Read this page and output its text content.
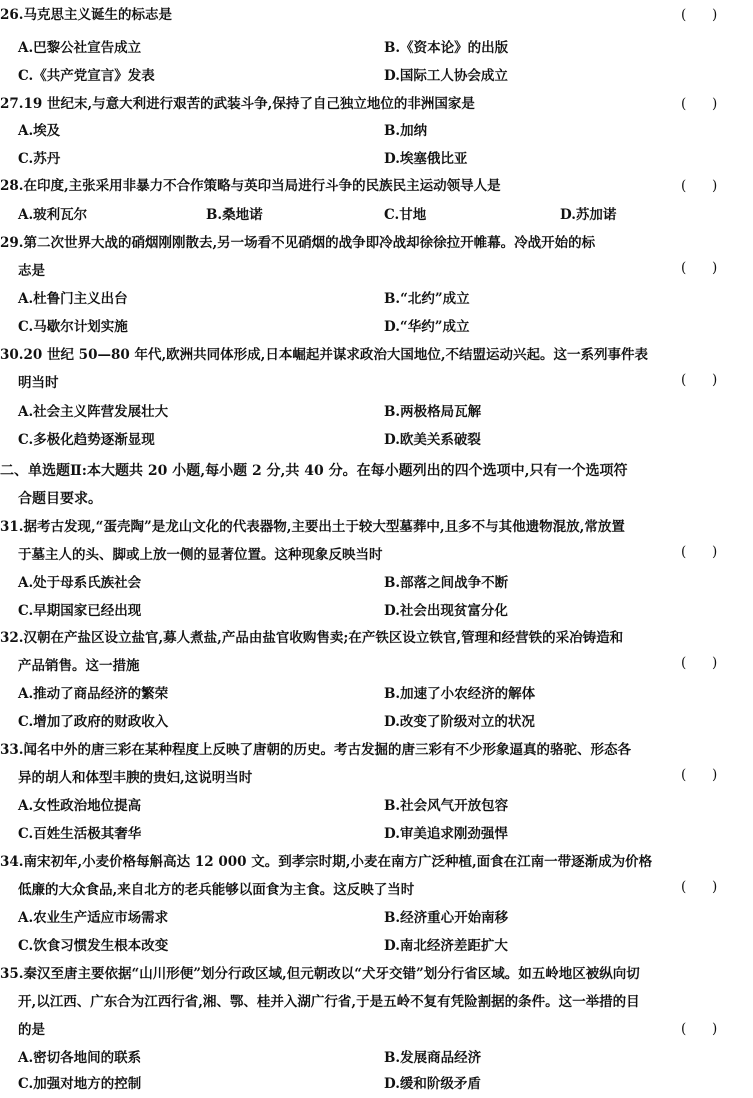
26.马克思主义诞生的标志是	(      )
A.巴黎公社宣告成立	B.《资本论》的出版
C.《共产党宣言》发表	D.国际工人协会成立
27.19 世纪末,与意大利进行艰苦的武装斗争,保持了自己独立地位的非洲国家是	(      )
A.埃及	B.加纳
C.苏丹	D.埃塞俄比亚
28.在印度,主张采用非暴力不合作策略与英印当局进行斗争的民族民主运动领导人是	(      )
A.玻利瓦尔	B.桑地诺	C.甘地	D.苏加诺
29.第二次世界大战的硝烟刚刚散去,另一场看不见硝烟的战争即冷战却徐徐拉开帷幕。冷战开始的标
志是	(      )
A.杜鲁门主义出台	B.“北约”成立
C.马歇尔计划实施	D.“华约”成立
30.20 世纪 50—80 年代,欧洲共同体形成,日本崛起并谋求政治大国地位,不结盟运动兴起。这一系列事件表
明当时	(      )
A.社会主义阵营发展壮大	B.两极格局瓦解
C.多极化趋势逐渐显现	D.欧美关系破裂
二、单选题Ⅱ:本大题共 20 小题,每小题 2 分,共 40 分。在每小题列出的四个选项中,只有一个选项符
合题目要求。
31.据考古发现,“蛋壳陶”是龙山文化的代表器物,主要出土于较大型墓葬中,且多不与其他遗物混放,常放置
于墓主人的头、脚或上放一侧的显著位置。这种现象反映当时	(      )
A.处于母系氏族社会	B.部落之间战争不断
C.早期国家已经出现	D.社会出现贫富分化
32.汉朝在产盐区设立盐官,募人煮盐,产品由盐官收购售卖;在产铁区设立铁官,管理和经营铁的采冶铸造和
产品销售。这一措施	(      )
A.推动了商品经济的繁荣	B.加速了小农经济的解体
C.增加了政府的财政收入	D.改变了阶级对立的状况
33.闻名中外的唐三彩在某种程度上反映了唐朝的历史。考古发掘的唐三彩有不少形象逼真的骆驼、形态各
异的胡人和体型丰腴的贵妇,这说明当时	(      )
A.女性政治地位提高	B.社会风气开放包容
C.百姓生活极其奢华	D.审美追求刚劲强悍
34.南宋初年,小麦价格每斛高达 12 000 文。到孝宗时期,小麦在南方广泛种植,面食在江南一带逐渐成为价格
低廉的大众食品,来自北方的老兵能够以面食为主食。这反映了当时	(      )
A.农业生产适应市场需求	B.经济重心开始南移
C.饮食习惯发生根本改变	D.南北经济差距扩大
35.秦汉至唐主要依据“山川形便”划分行政区域,但元朝改以“犬牙交错”划分行省区域。如五岭地区被纵向切
开,以江西、广东合为江西行省,湘、鄂、桂并入湖广行省,于是五岭不复有凭险割据的条件。这一举措的目
的是	(      )
A.密切各地间的联系	B.发展商品经济
C.加强对地方的控制	D.缓和阶级矛盾
